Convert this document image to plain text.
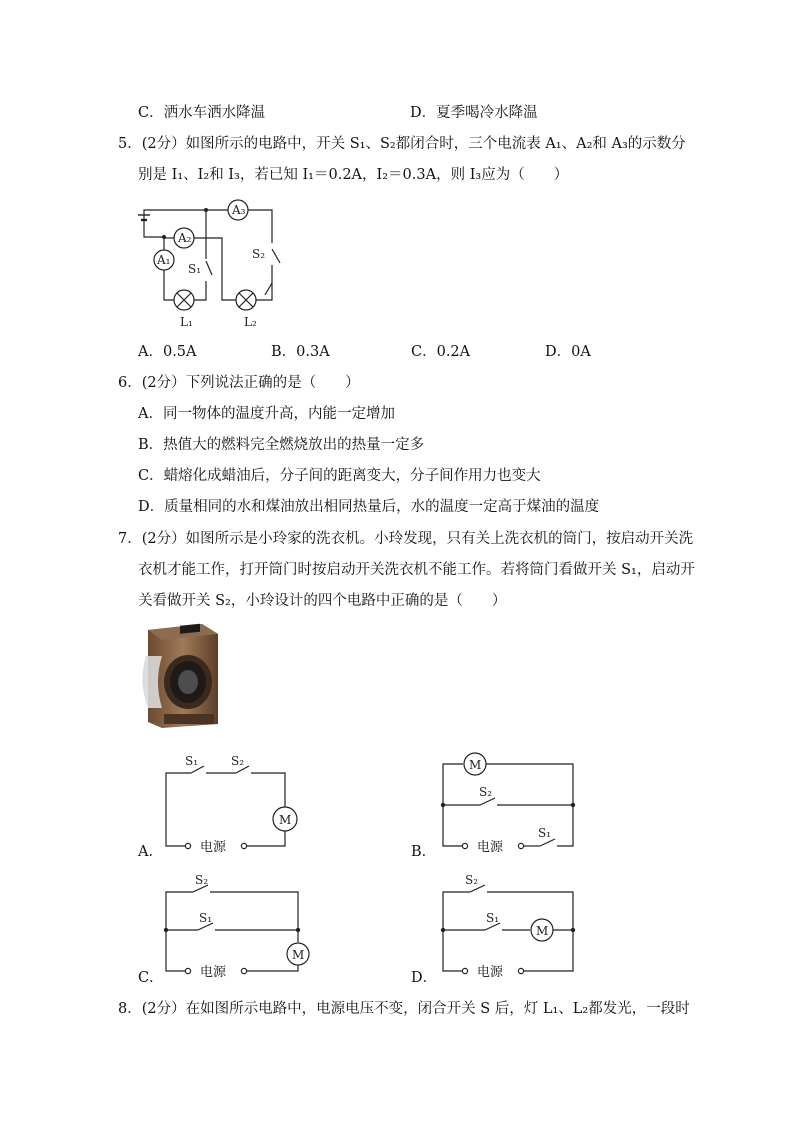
C．洒水车洒水降温	D．夏季喝冷水降温
5．(2分）如图所示的电路中，开关 S₁、S₂都闭合时，三个电流表 A₁、A₂和 A₃的示数分
别是 I₁、I₂和 I₃，若已知 I₁＝0.2A，I₂＝0.3A，则 I₃应为（　　）
A₃
S₂
A₂
A₁
L₁
S₁
L₂
A．0.5A	B．0.3A	C．0.2A	D．0A
6．(2分）下列说法正确的是（　　）
A．同一物体的温度升高，内能一定增加
B．热值大的燃料完全燃烧放出的热量一定多
C．蜡熔化成蜡油后，分子间的距离变大，分子间作用力也变大
D．质量相同的水和煤油放出相同热量后，水的温度一定高于煤油的温度
7．(2分）如图所示是小玲家的洗衣机。小玲发现，只有关上洗衣机的筒门，按启动开关洗
衣机才能工作，打开筒门时按启动开关洗衣机不能工作。若将筒门看做开关 S₁，启动开
关看做开关 S₂，小玲设计的四个电路中正确的是（　　）
S₁	S₂
M
电源
A．
M
S₂
S₁
电源
B．
S₂
S₁
M
电源
C．
S₂
S₁
M
电源
D．
8．(2分）在如图所示电路中，电源电压不变，闭合开关 S 后，灯 L₁、L₂都发光，一段时
